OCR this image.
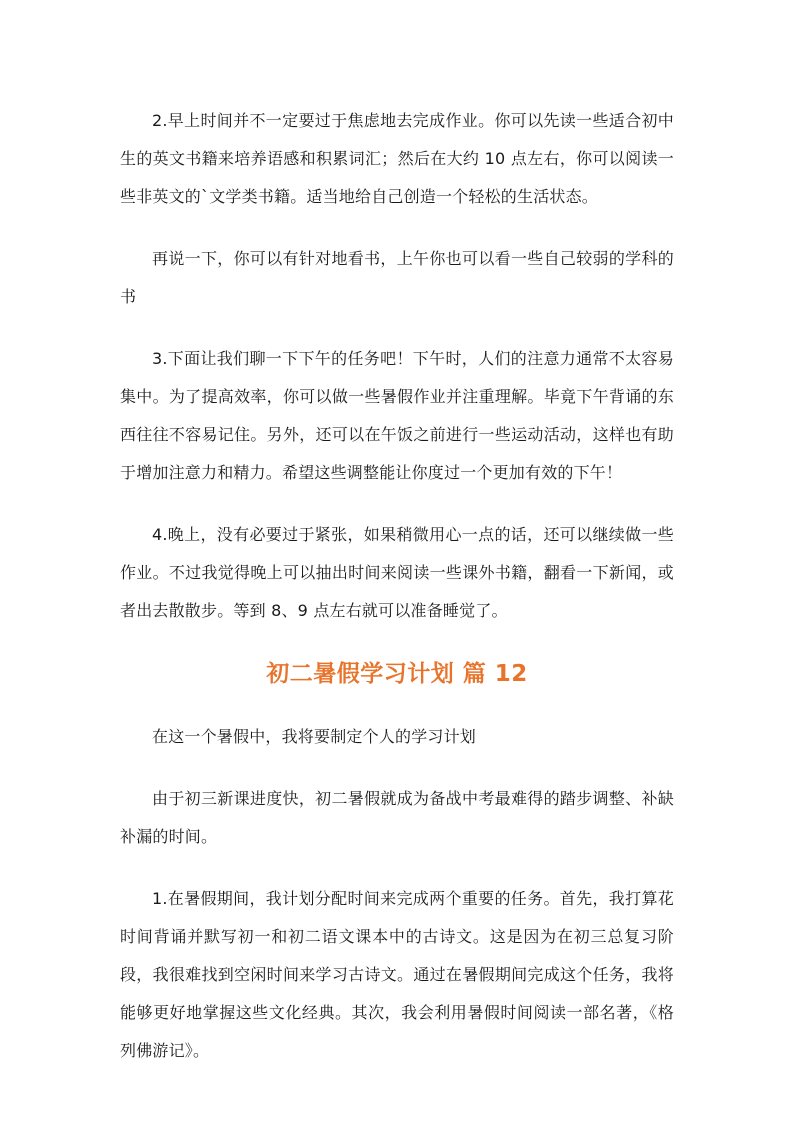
2.早上时间并不一定要过于焦虑地去完成作业。你可以先读一些适合初中生的英文书籍来培养语感和积累词汇；然后在大约 10 点左右，你可以阅读一些非英文的`文学类书籍。适当地给自己创造一个轻松的生活状态。

再说一下，你可以有针对地看书，上午你也可以看一些自己较弱的学科的书

3.下面让我们聊一下下午的任务吧！下午时，人们的注意力通常不太容易集中。为了提高效率，你可以做一些暑假作业并注重理解。毕竟下午背诵的东西往往不容易记住。另外，还可以在午饭之前进行一些运动活动，这样也有助于增加注意力和精力。希望这些调整能让你度过一个更加有效的下午！

4.晚上，没有必要过于紧张，如果稍微用心一点的话，还可以继续做一些作业。不过我觉得晚上可以抽出时间来阅读一些课外书籍，翻看一下新闻，或者出去散散步。等到 8、9 点左右就可以准备睡觉了。

初二暑假学习计划 篇 12

在这一个暑假中，我将要制定个人的学习计划

由于初三新课进度快，初二暑假就成为备战中考最难得的踏步调整、补缺补漏的时间。

1.在暑假期间，我计划分配时间来完成两个重要的任务。首先，我打算花时间背诵并默写初一和初二语文课本中的古诗文。这是因为在初三总复习阶段，我很难找到空闲时间来学习古诗文。通过在暑假期间完成这个任务，我将能够更好地掌握这些文化经典。其次，我会利用暑假时间阅读一部名著，《格列佛游记》。
